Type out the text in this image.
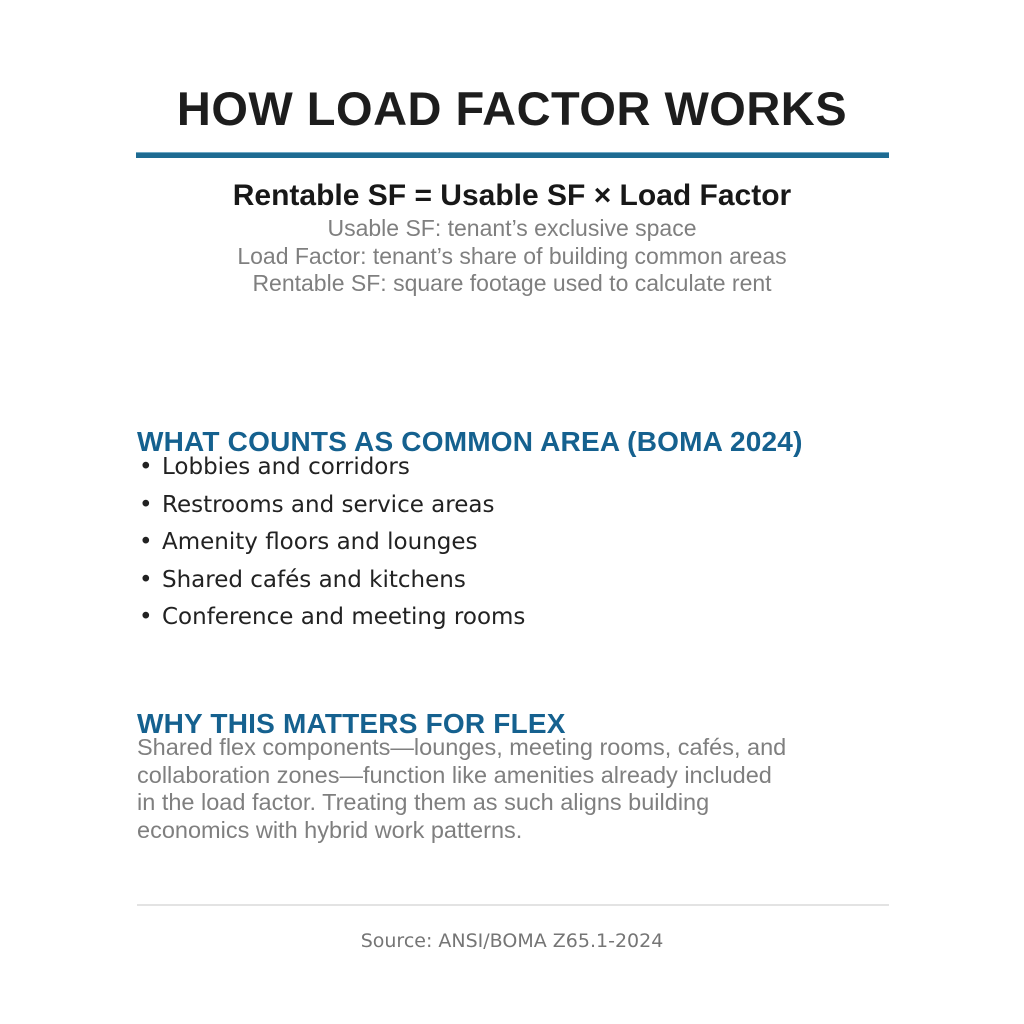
HOW LOAD FACTOR WORKS
Rentable SF = Usable SF × Load Factor
Usable SF: tenant’s exclusive space
Load Factor: tenant’s share of building common areas
Rentable SF: square footage used to calculate rent
WHAT COUNTS AS COMMON AREA (BOMA 2024)
• Lobbies and corridors
• Restrooms and service areas
• Amenity floors and lounges
• Shared cafés and kitchens
• Conference and meeting rooms
WHY THIS MATTERS FOR FLEX
Shared flex components—lounges, meeting rooms, cafés, and
collaboration zones—function like amenities already included
in the load factor. Treating them as such aligns building
economics with hybrid work patterns.
Source: ANSI/BOMA Z65.1-2024
